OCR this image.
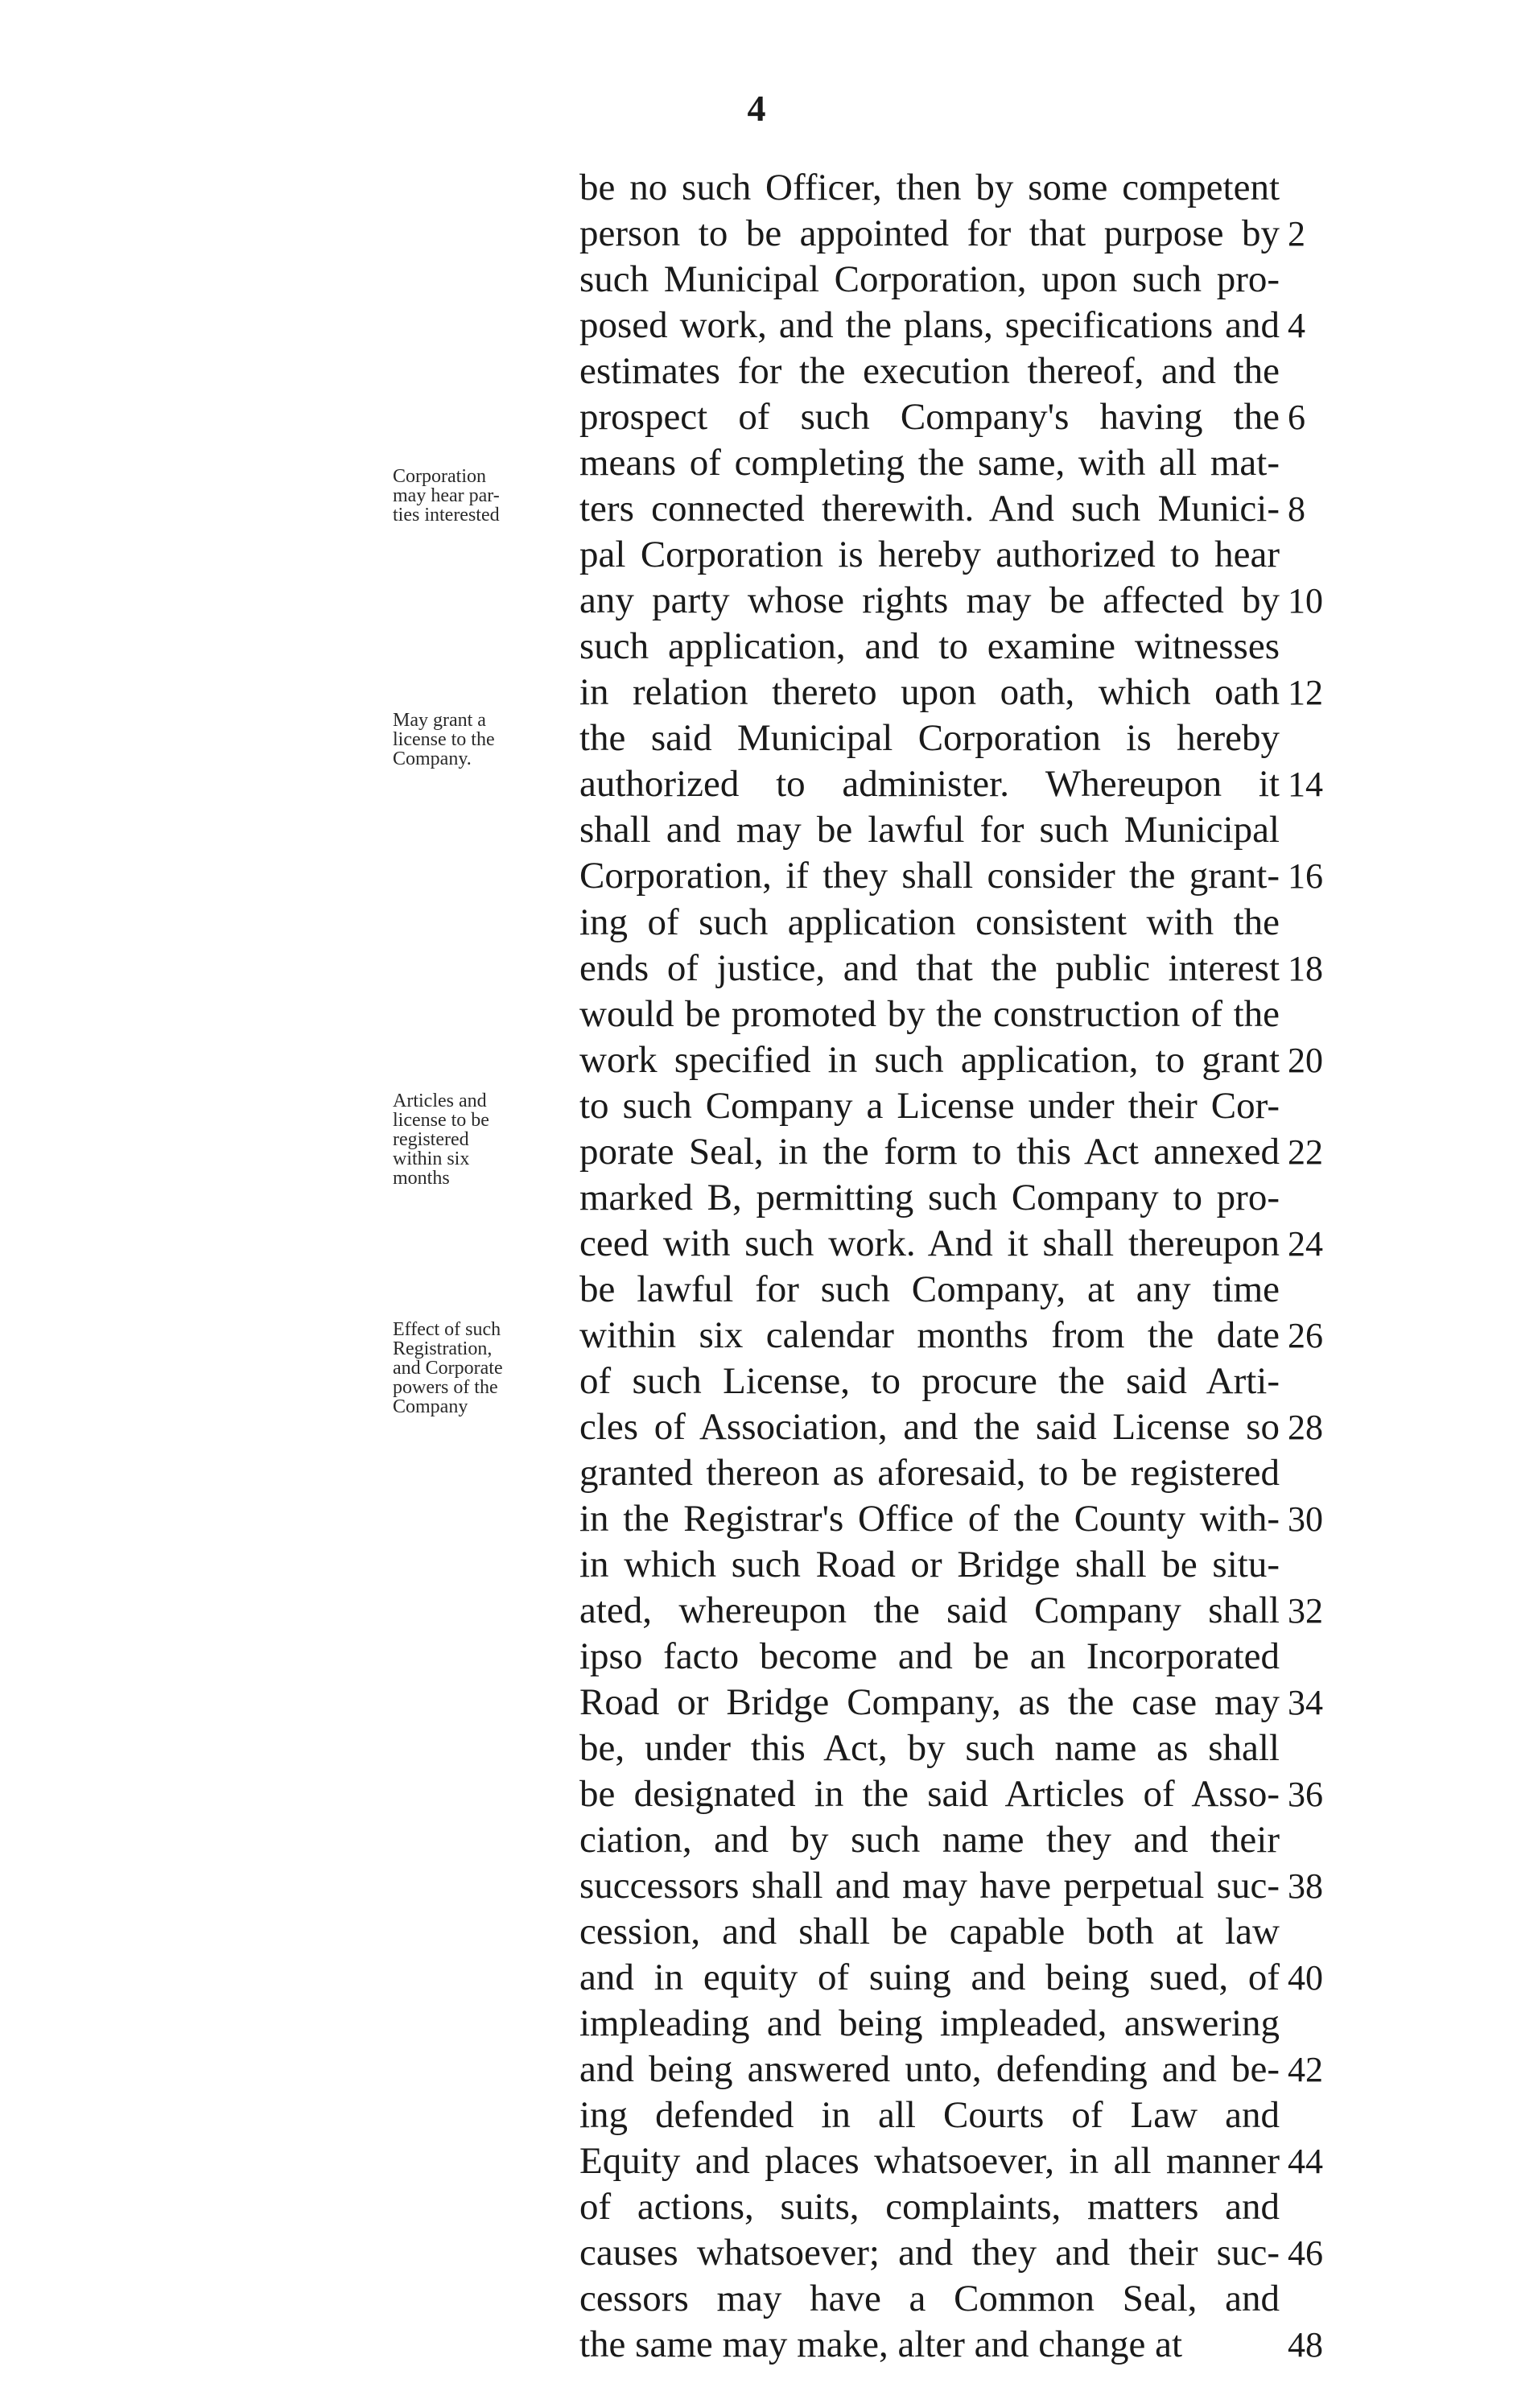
4
Corporation
may hear par-
ties interested
May grant a
license to the
Company.
Articles and
license to be
registered
within six
months
Effect of such
Registration,
and Corporate
powers of the
Company
be no such Officer, then by some competent
person to be appointed for that purpose by 2
such Municipal Corporation, upon such pro-
posed work, and the plans, specifications and 4
estimates for the execution thereof, and the
prospect of such Company's having the 6
means of completing the same, with all mat-
ters connected therewith. And such Munici- 8
pal Corporation is hereby authorized to hear
any party whose rights may be affected by 10
such application, and to examine witnesses
in relation thereto upon oath, which oath 12
the said Municipal Corporation is hereby
authorized to administer. Whereupon it 14
shall and may be lawful for such Municipal
Corporation, if they shall consider the grant- 16
ing of such application consistent with the
ends of justice, and that the public interest 18
would be promoted by the construction of the
work specified in such application, to grant 20
to such Company a License under their Cor-
porate Seal, in the form to this Act annexed 22
marked B, permitting such Company to pro-
ceed with such work. And it shall thereupon 24
be lawful for such Company, at any time
within six calendar months from the date 26
of such License, to procure the said Arti-
cles of Association, and the said License so 28
granted thereon as aforesaid, to be registered
in the Registrar's Office of the County with- 30
in which such Road or Bridge shall be situ-
ated, whereupon the said Company shall 32
ipso facto become and be an Incorporated
Road or Bridge Company, as the case may 34
be, under this Act, by such name as shall
be designated in the said Articles of Asso- 36
ciation, and by such name they and their
successors shall and may have perpetual suc- 38
cession, and shall be capable both at law
and in equity of suing and being sued, of 40
impleading and being impleaded, answering
and being answered unto, defending and be- 42
ing defended in all Courts of Law and
Equity and places whatsoever, in all manner 44
of actions, suits, complaints, matters and
causes whatsoever; and they and their suc- 46
cessors may have a Common Seal, and
the same may make, alter and change at	48
